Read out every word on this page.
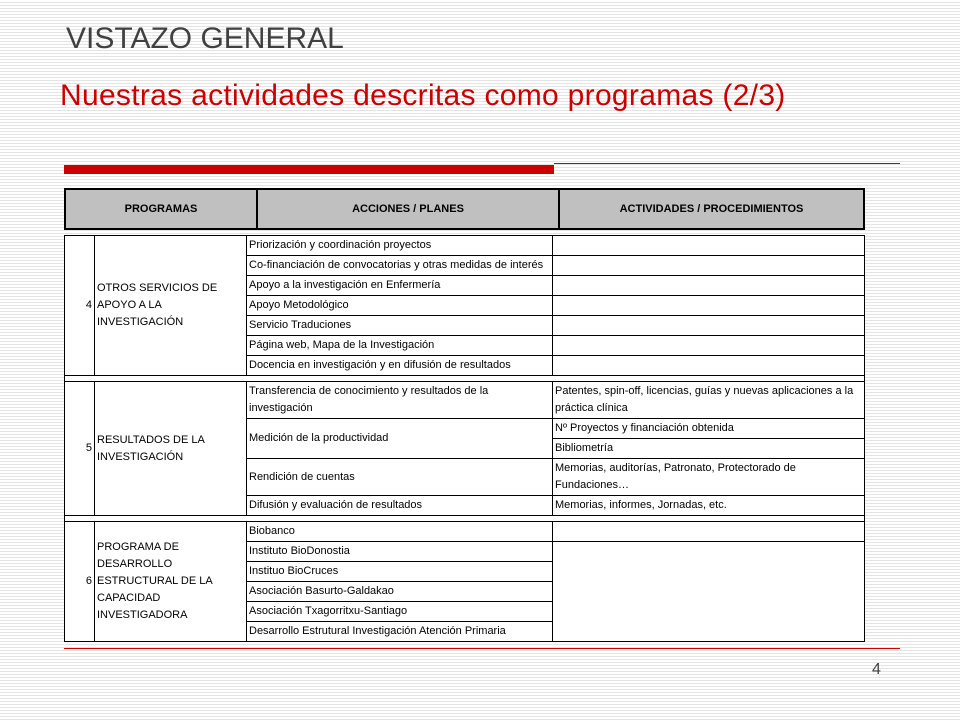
VISTAZO GENERAL
Nuestras actividades descritas como programas (2/3)
PROGRAMAS	ACCIONES / PLANES	ACTIVIDADES / PROCEDIMIENTOS
4	OTROS SERVICIOS DE APOYO A LA INVESTIGACIÓN	Priorización y coordinación proyectos	
		Co-financiación de convocatorias y otras medidas de interés	
		Apoyo a la investigación en Enfermería	
		Apoyo Metodológico	
		Servicio Traduciones	
		Página web, Mapa de la Investigación	
		Docencia en investigación y en difusión de resultados	

5	RESULTADOS DE LA INVESTIGACIÓN	Transferencia de conocimiento y resultados de la investigación	Patentes, spin-off, licencias, guías y nuevas aplicaciones a la práctica clínica
		Medición de la productividad	Nº Proyectos y financiación obtenida
			Bibliometría
		Rendición de cuentas	Memorias, auditorías, Patronato, Protectorado de Fundaciones…
		Difusión y evaluación de resultados	Memorias, informes, Jornadas, etc.

6	PROGRAMA DE DESARROLLO ESTRUCTURAL DE LA CAPACIDAD INVESTIGADORA	Biobanco	
		Instituto BioDonostia	
		Instituo BioCruces	
		Asociación Basurto-Galdakao	
		Asociación Txagorritxu-Santiago	
		Desarrollo Estrutural Investigación Atención Primaria	
4
